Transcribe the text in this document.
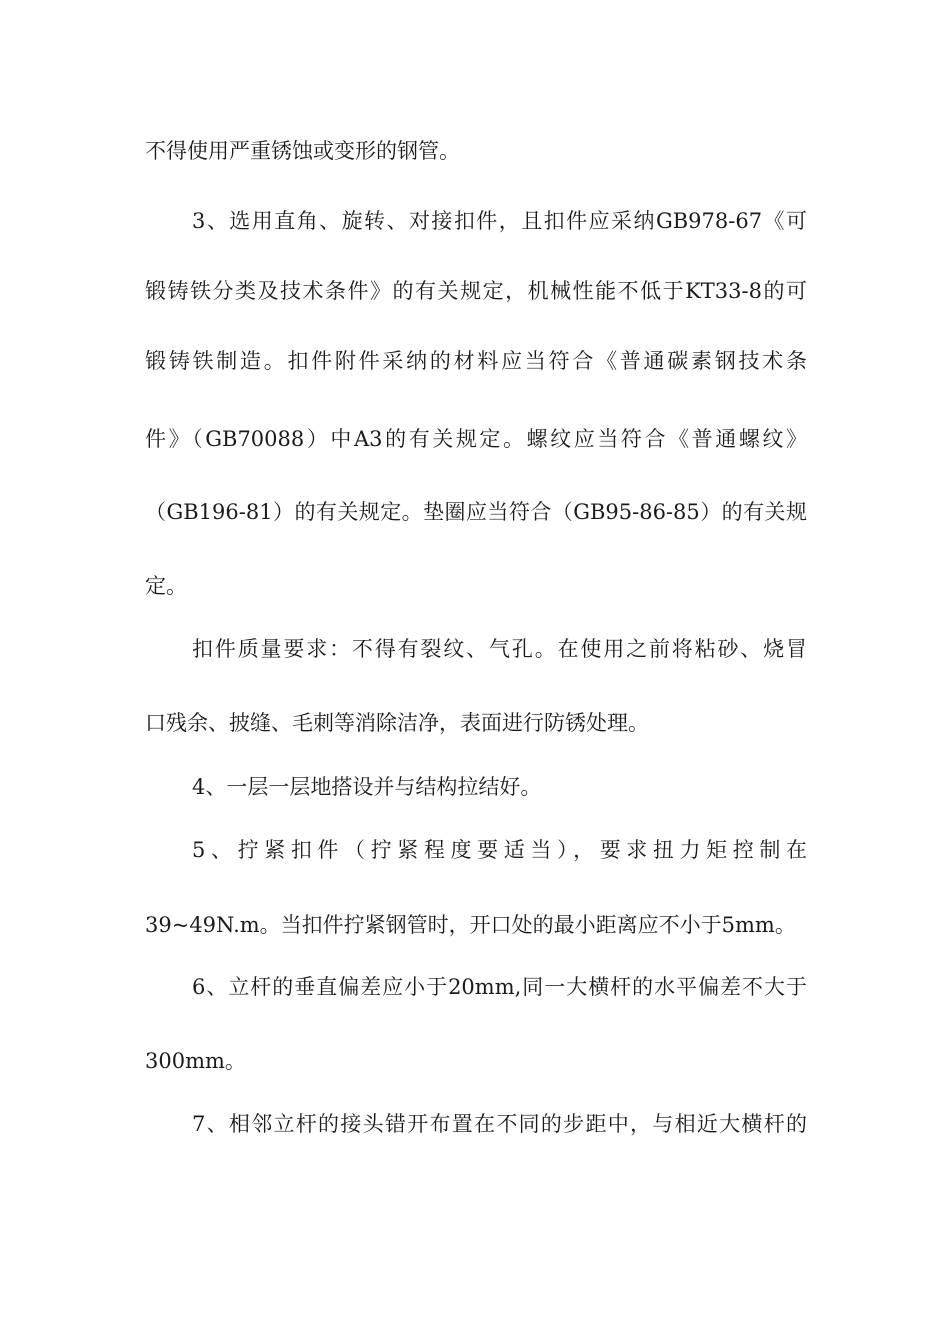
不得使用严重锈蚀或变形的钢管。
3、选用直角、旋转、对接扣件，且扣件应采纳GB978-67《可
锻铸铁分类及技术条件》的有关规定，机械性能不低于KT33-8的可
锻铸铁制造。扣件附件采纳的材料应当符合《普通碳素钢技术条
件》（GB70088）中A3的有关规定。螺纹应当符合《普通螺纹》
（GB196-81）的有关规定。垫圈应当符合（GB95-86-85）的有关规
定。
扣件质量要求：不得有裂纹、气孔。在使用之前将粘砂、烧冒
口残余、披缝、毛刺等消除洁净，表面进行防锈处理。
4、一层一层地搭设并与结构拉结好。
5、拧紧扣件（拧紧程度要适当），要求扭力矩控制在
39~49N.m。当扣件拧紧钢管时，开口处的最小距离应不小于5mm。
6、立杆的垂直偏差应小于20mm,同一大横杆的水平偏差不大于
300mm。
7、相邻立杆的接头错开布置在不同的步距中，与相近大横杆的
